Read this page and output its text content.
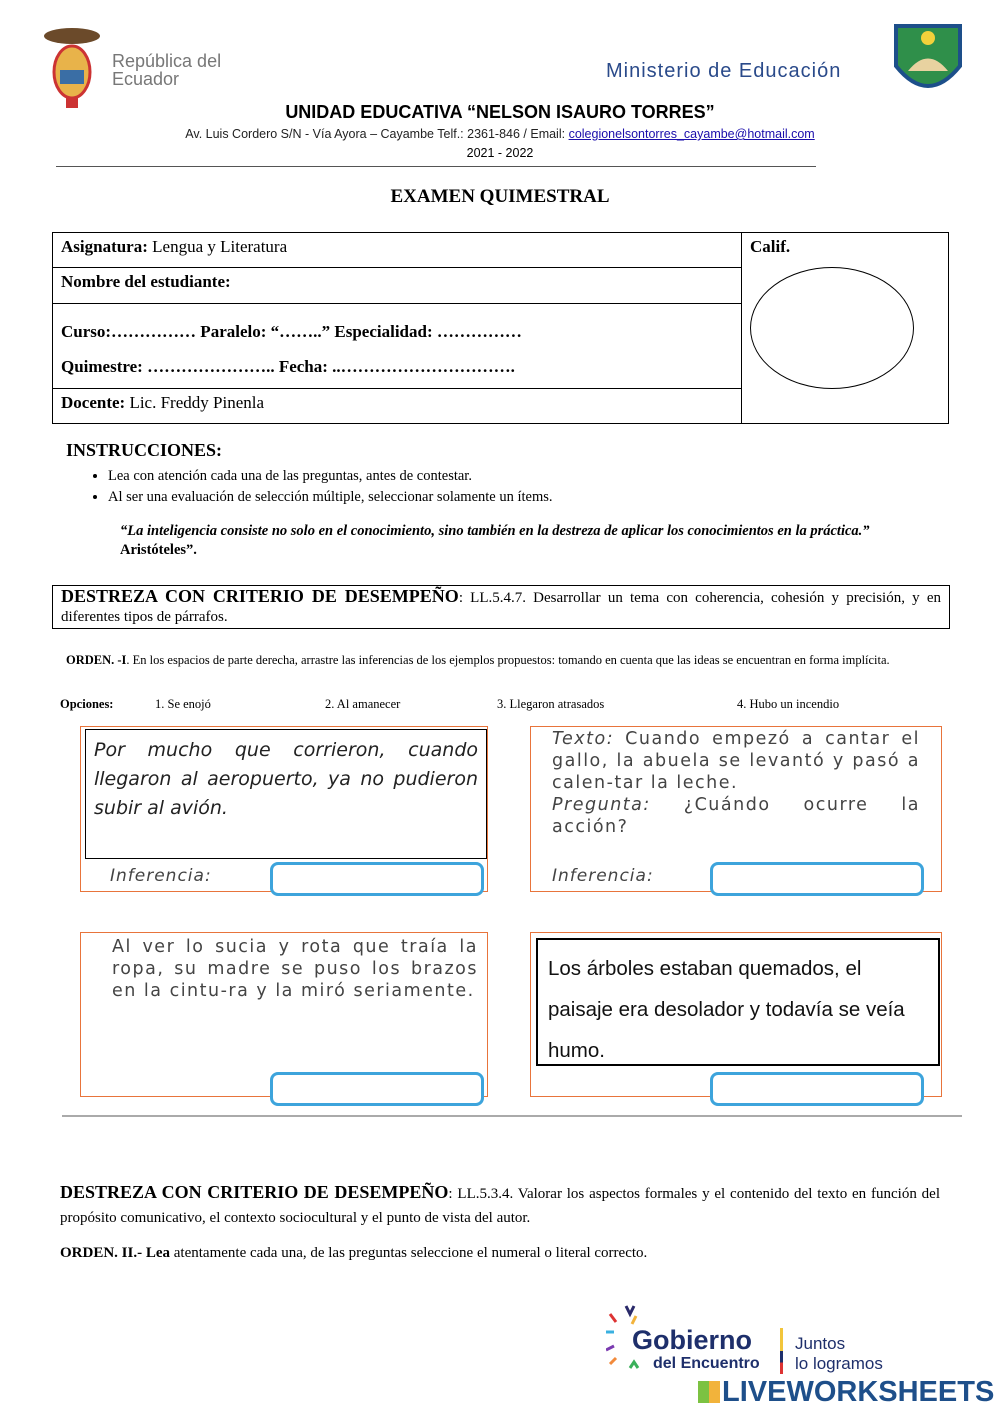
República del Ecuador	Ministerio de Educación
UNIDAD EDUCATIVA “NELSON ISAURO TORRES”
Av. Luis Cordero S/N - Vía Ayora – Cayambe Telf.: 2361-846 / Email: colegionelsontorres_cayambe@hotmail.com
2021 - 2022
EXAMEN QUIMESTRAL
Asignatura: Lengua y Literatura	Calif.

Nombre del estudiante:
Curso:…………… Paralelo: “……..” Especialidad: ……………
Quimestre: ………………….. Fecha: ..………………………….
Docente: Lic. Freddy Pinenla
INSTRUCCIONES:
• Lea con atención cada una de las preguntas, antes de contestar.
• Al ser una evaluación de selección múltiple, seleccionar solamente un ítems.
“La inteligencia consiste no solo en el conocimiento, sino también en la destreza de aplicar los conocimientos en la práctica.” Aristóteles”.
DESTREZA CON CRITERIO DE DESEMPEÑO: LL.5.4.7. Desarrollar un tema con coherencia, cohesión y precisión, y en diferentes tipos de párrafos.
ORDEN. -I. En los espacios de parte derecha, arrastre las inferencias de los ejemplos propuestos: tomando en cuenta que las ideas se encuentran en forma implícita.
Opciones:	1. Se enojó	2. Al amanecer	3. Llegaron atrasados	4. Hubo un incendio
Por mucho que corrieron, cuando llegaron al aeropuerto, ya no pudieron subir al avión.
Inferencia:
Texto: Cuando empezó a cantar el gallo, la abuela se levantó y pasó a calen-tar la leche.
Pregunta: ¿Cuándo ocurre la acción?
Inferencia:
Al ver lo sucia y rota que traía la ropa, su madre se puso los brazos en la cintu-ra y la miró seriamente.
Los árboles estaban quemados, el paisaje era desolador y todavía se veía humo.
DESTREZA CON CRITERIO DE DESEMPEÑO: LL.5.3.4. Valorar los aspectos formales y el contenido del texto en función del propósito comunicativo, el contexto sociocultural y el punto de vista del autor.
ORDEN. II.- Lea atentamente cada una, de las preguntas seleccione el numeral o literal correcto.
Gobierno
del Encuentro
Juntos
lo logramos
LIVEWORKSHEETS
